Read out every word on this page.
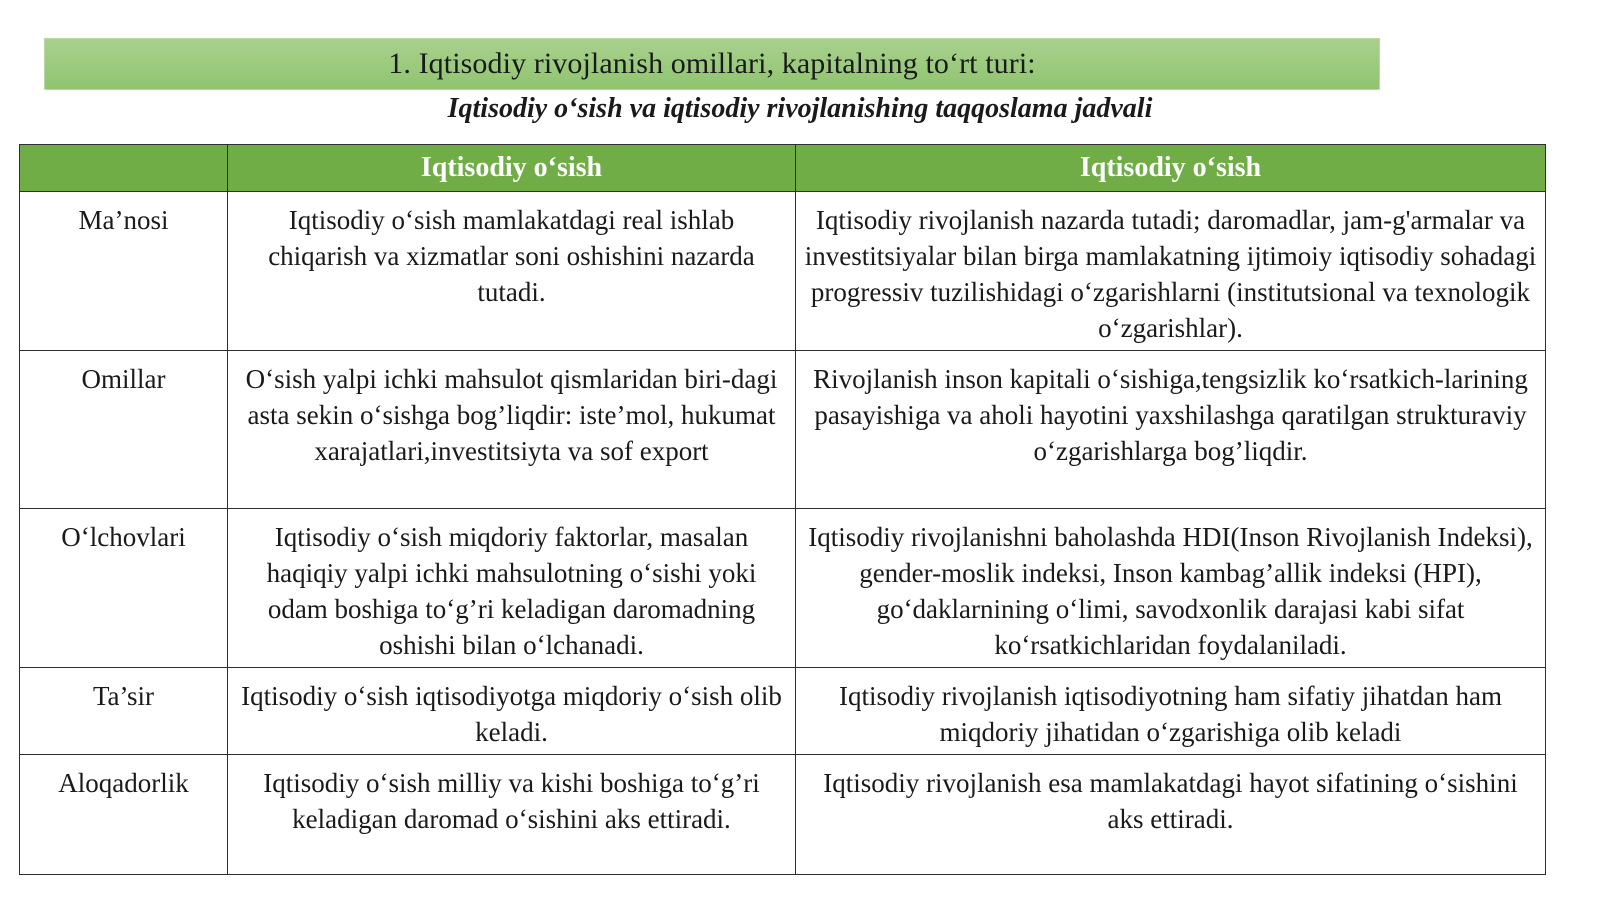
1. Iqtisodiy rivojlanish omillari, kapitalning to‘rt turi:
Iqtisodiy o‘sish va iqtisodiy rivojlanishing taqqoslama jadvali
	Iqtisodiy o‘sish	Iqtisodiy o‘sish
Ma’nosi	Iqtisodiy o‘sish mamlakatdagi real ishlab chiqarish va xizmatlar soni oshishini nazarda tutadi.	Iqtisodiy rivojlanish nazarda tutadi; daromadlar, jam-g'armalar va investitsiyalar bilan birga mamlakatning ijtimoiy iqtisodiy sohadagi progressiv tuzilishidagi o‘zgarishlarni (institutsional va texnologik o‘zgarishlar).
Omillar	O‘sish yalpi ichki mahsulot qismlaridan biri-dagi asta sekin o‘sishga bog’liqdir: iste’mol, hukumat xarajatlari,investitsiyta va sof export	Rivojlanish inson kapitali o‘sishiga,tengsizlik ko‘rsatkich-larining pasayishiga va aholi hayotini yaxshilashga qaratilgan strukturaviy o‘zgarishlarga bog’liqdir.
O‘lchovlari	Iqtisodiy o‘sish miqdoriy faktorlar, masalan haqiqiy yalpi ichki mahsulotning o‘sishi yoki odam boshiga to‘g’ri keladigan daromadning oshishi bilan o‘lchanadi.	Iqtisodiy rivojlanishni baholashda HDI(Inson Rivojlanish Indeksi), gender-moslik indeksi, Inson kambag’allik indeksi (HPI), go‘daklarnining o‘limi, savodxonlik darajasi kabi sifat ko‘rsatkichlaridan foydalaniladi.
Ta’sir	Iqtisodiy o‘sish iqtisodiyotga miqdoriy o‘sish olib keladi.	Iqtisodiy rivojlanish iqtisodiyotning ham sifatiy jihatdan ham miqdoriy jihatidan o‘zgarishiga olib keladi
Aloqadorlik	Iqtisodiy o‘sish milliy va kishi boshiga to‘g’ri keladigan daromad o‘sishini aks ettiradi.	Iqtisodiy rivojlanish esa mamlakatdagi hayot sifatining o‘sishini aks ettiradi.
